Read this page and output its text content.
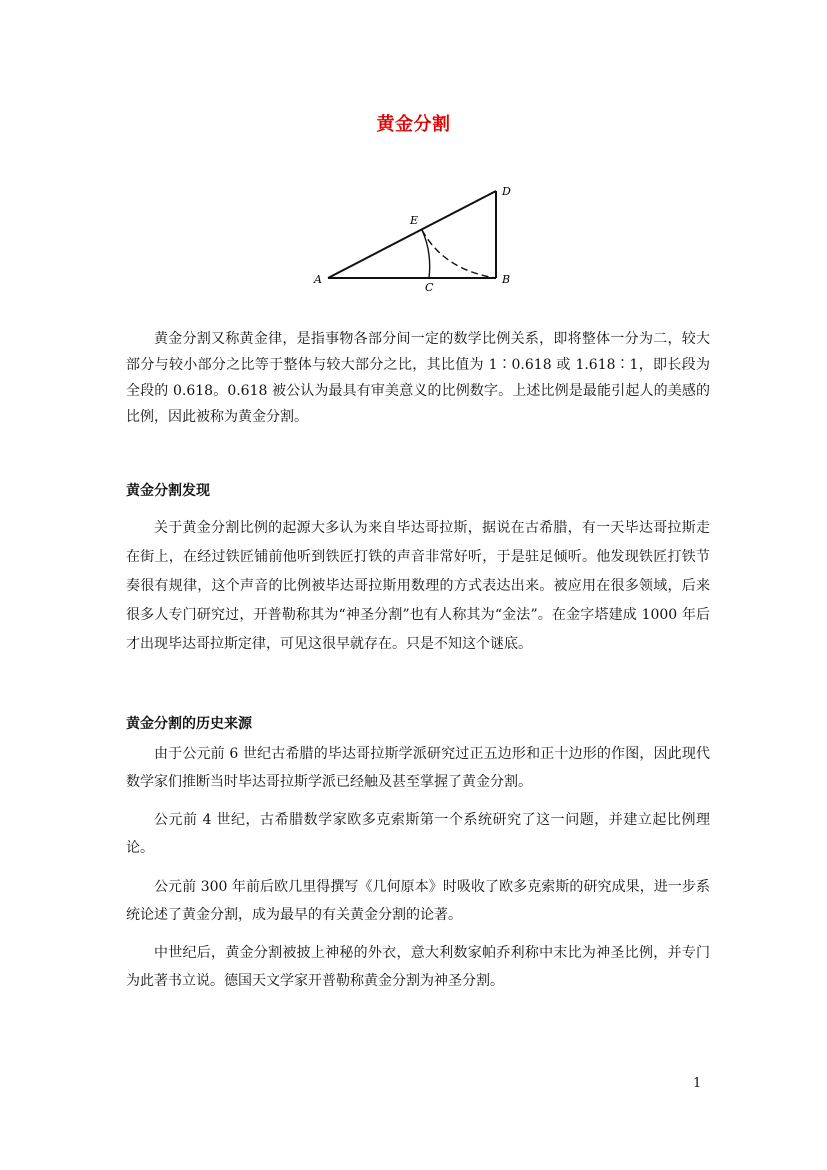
黄金分割
A	B
C
D
E

黄金分割又称黄金律，是指事物各部分间一定的数学比例关系，即将整体一分为二，较大部分与较小部分之比等于整体与较大部分之比，其比值为 1∶0.618 或 1.618∶1，即长段为全段的 0.618。0.618 被公认为最具有审美意义的比例数字。上述比例是最能引起人的美感的比例，因此被称为黄金分割。

黄金分割发现

关于黄金分割比例的起源大多认为来自毕达哥拉斯，据说在古希腊，有一天毕达哥拉斯走在街上，在经过铁匠铺前他听到铁匠打铁的声音非常好听，于是驻足倾听。他发现铁匠打铁节奏很有规律，这个声音的比例被毕达哥拉斯用数理的方式表达出来。被应用在很多领域，后来很多人专门研究过，开普勒称其为“神圣分割”也有人称其为“金法”。在金字塔建成 1000 年后才出现毕达哥拉斯定律，可见这很早就存在。只是不知这个谜底。

黄金分割的历史来源

由于公元前 6 世纪古希腊的毕达哥拉斯学派研究过正五边形和正十边形的作图，因此现代数学家们推断当时毕达哥拉斯学派已经触及甚至掌握了黄金分割。

公元前 4 世纪，古希腊数学家欧多克索斯第一个系统研究了这一问题，并建立起比例理论。

公元前 300 年前后欧几里得撰写《几何原本》时吸收了欧多克索斯的研究成果，进一步系统论述了黄金分割，成为最早的有关黄金分割的论著。

中世纪后，黄金分割被披上神秘的外衣，意大利数家帕乔利称中末比为神圣比例，并专门为此著书立说。德国天文学家开普勒称黄金分割为神圣分割。

1
